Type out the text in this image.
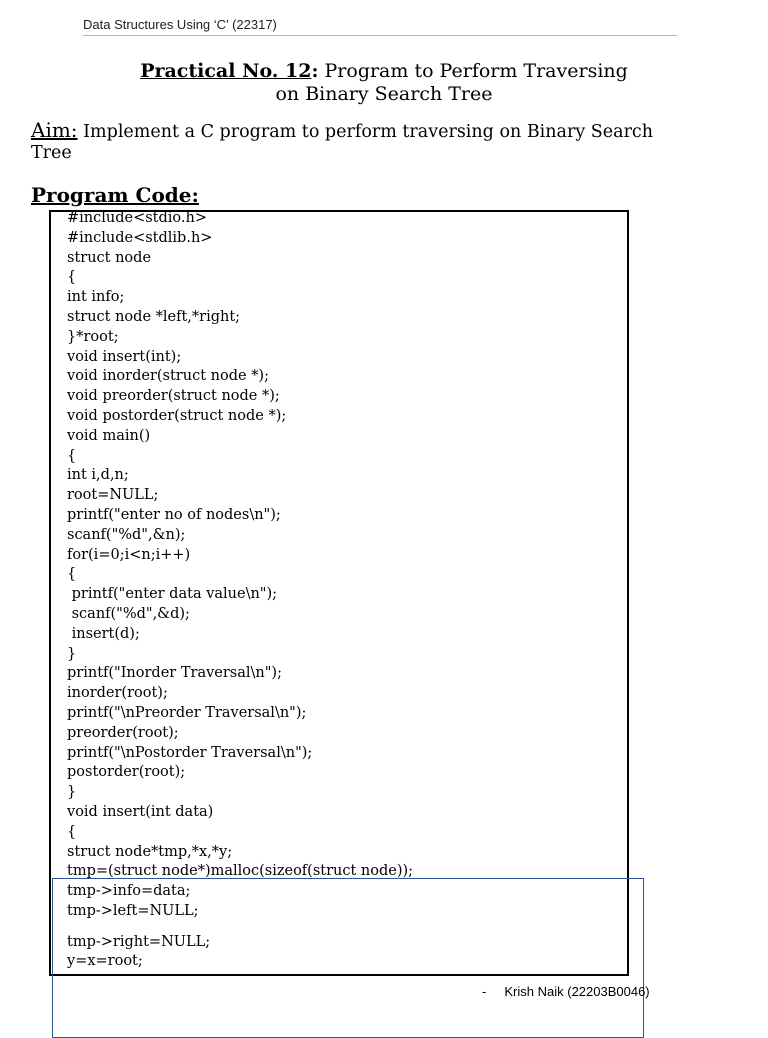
Data Structures Using ‘C’ (22317)
Practical No. 12: Program to Perform Traversing
on Binary Search Tree
Aim: Implement a C program to perform traversing on Binary Search Tree
Program Code:
#include<stdio.h>
#include<stdlib.h>
struct node
{
int info;
struct node *left,*right;
}*root;
void insert(int);
void inorder(struct node *);
void preorder(struct node *);
void postorder(struct node *);
void main()
{
int i,d,n;
root=NULL;
printf("enter no of nodes\n");
scanf("%d",&n);
for(i=0;i<n;i++)
{
printf("enter data value\n");
scanf("%d",&d);
insert(d);
}
printf("Inorder Traversal\n");
inorder(root);
printf("\nPreorder Traversal\n");
preorder(root);
printf("\nPostorder Traversal\n");
postorder(root);
}
void insert(int data)
{
struct node*tmp,*x,*y;
tmp=(struct node*)malloc(sizeof(struct node));
tmp->info=data;
tmp->left=NULL;
tmp->right=NULL;
y=x=root;
-     Krish Naik (22203B0046)
